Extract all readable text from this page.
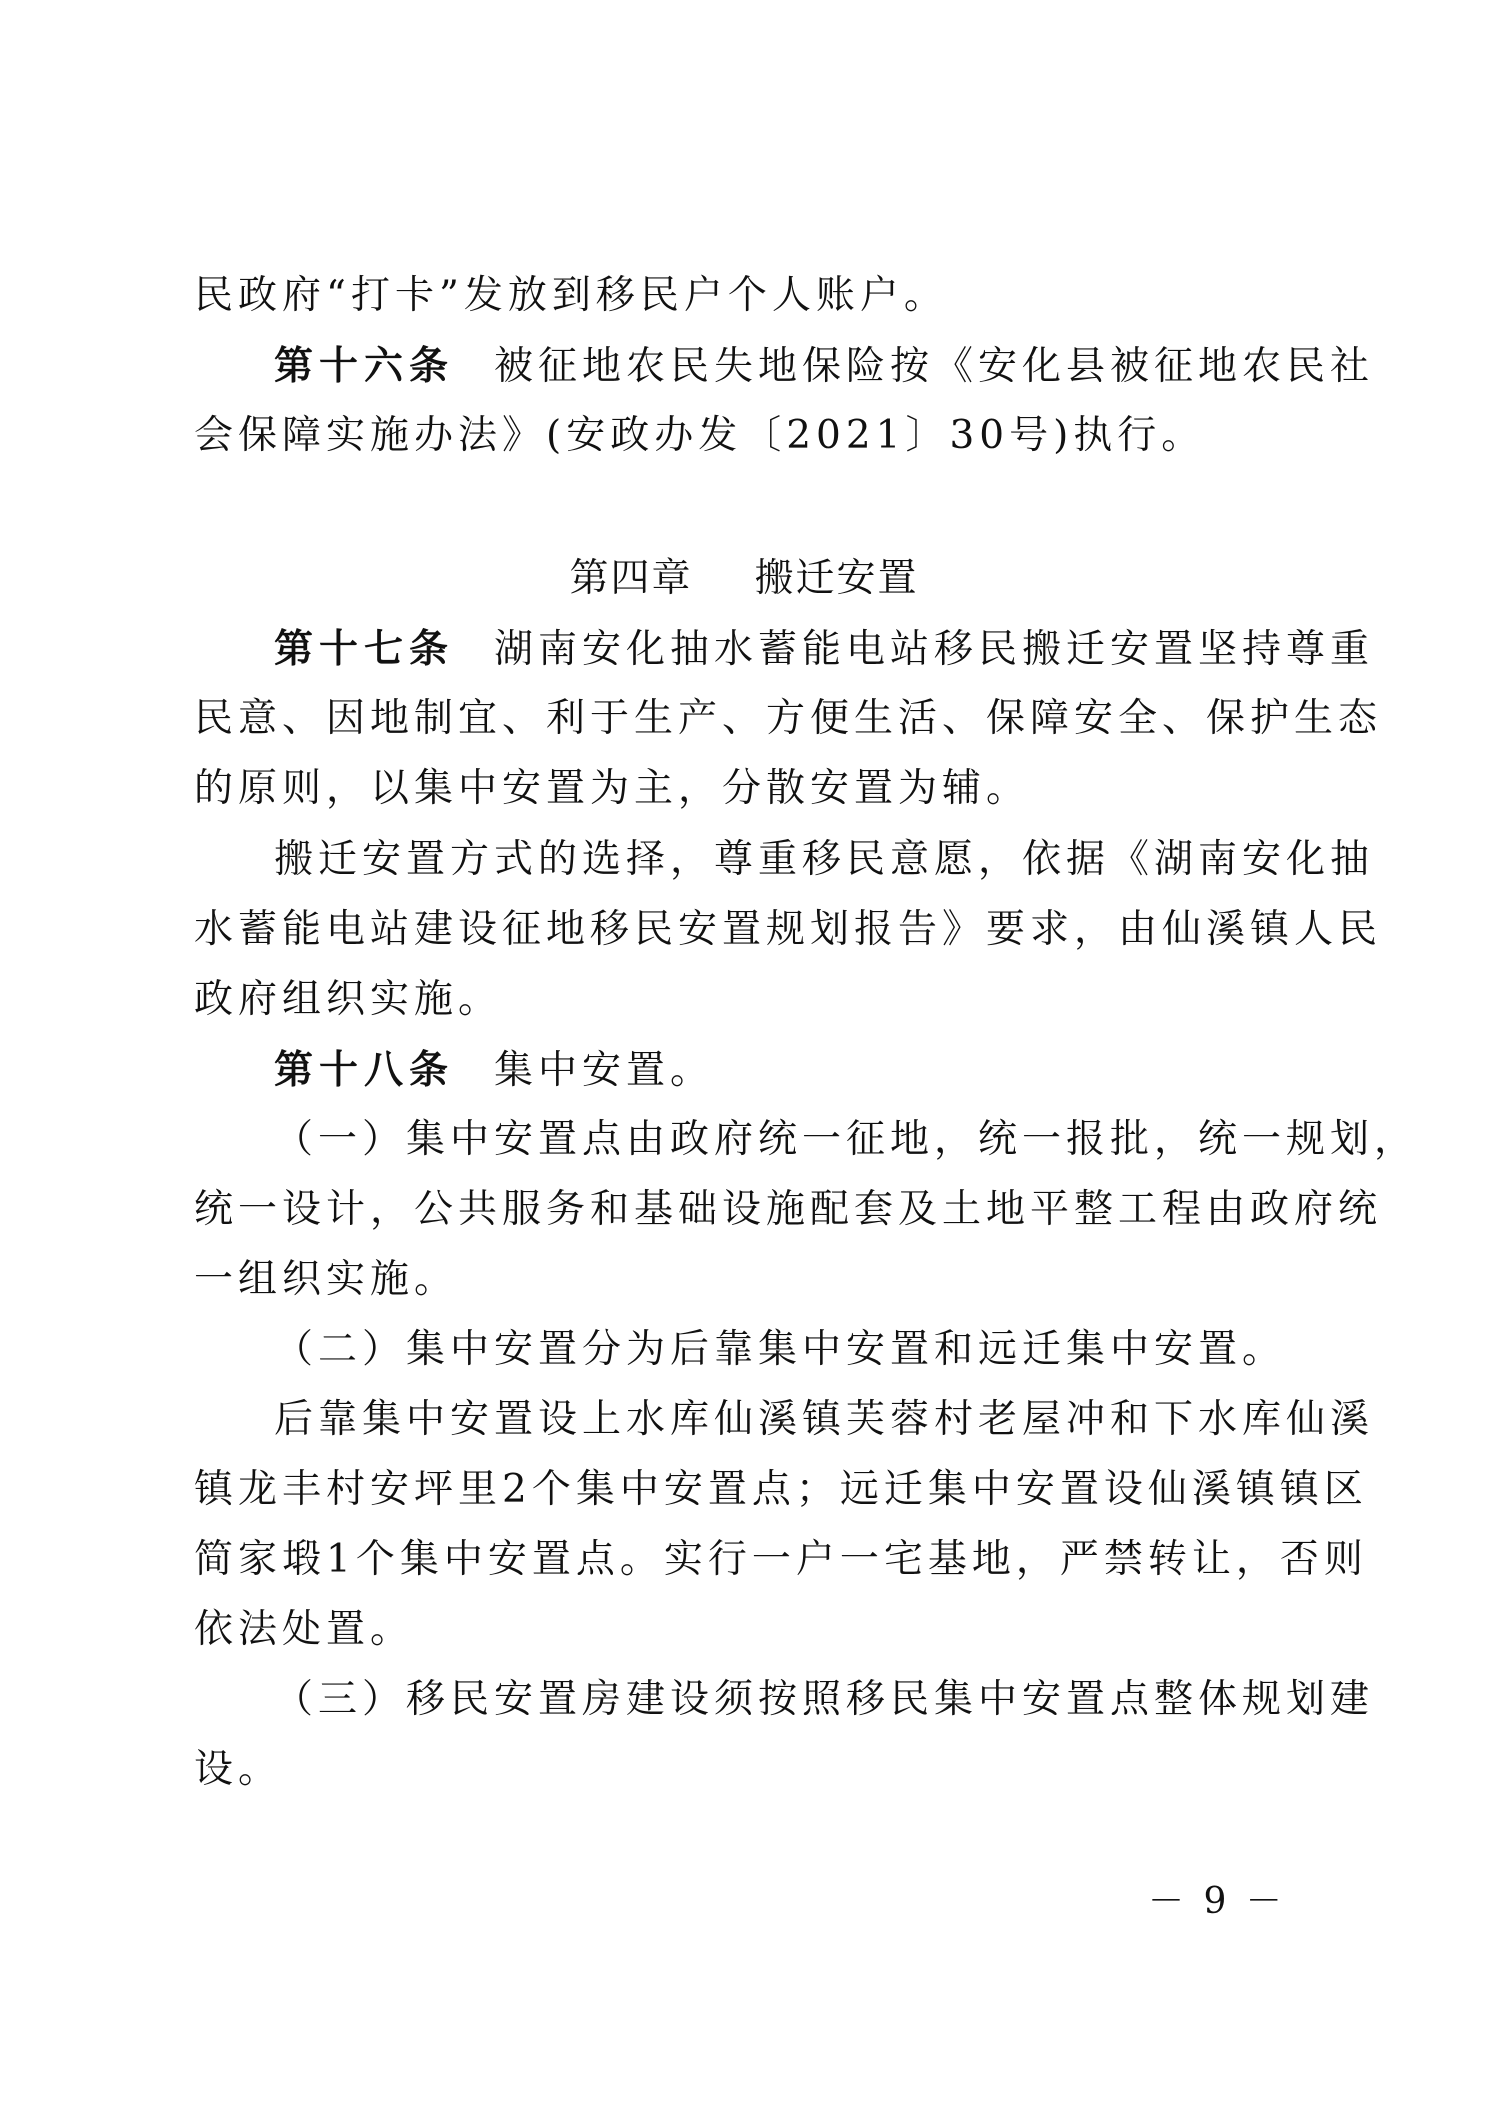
民政府“打卡”发放到移民户个人账户。
第十六条 被征地农民失地保险按《安化县被征地农民社
会保障实施办法》(安政办发〔2021〕30号)执行。
第四章 搬迁安置
第十七条 湖南安化抽水蓄能电站移民搬迁安置坚持尊重
民意、因地制宜、利于生产、方便生活、保障安全、保护生态
的原则，以集中安置为主，分散安置为辅。
搬迁安置方式的选择，尊重移民意愿，依据《湖南安化抽
水蓄能电站建设征地移民安置规划报告》要求，由仙溪镇人民
政府组织实施。
第十八条 集中安置。
（一）集中安置点由政府统一征地，统一报批，统一规划，
统一设计，公共服务和基础设施配套及土地平整工程由政府统
一组织实施。
（二）集中安置分为后靠集中安置和远迁集中安置。
后靠集中安置设上水库仙溪镇芙蓉村老屋冲和下水库仙溪
镇龙丰村安坪里2个集中安置点；远迁集中安置设仙溪镇镇区
简家塅1个集中安置点。实行一户一宅基地，严禁转让，否则
依法处置。
（三）移民安置房建设须按照移民集中安置点整体规划建
设。
－ 9 －
